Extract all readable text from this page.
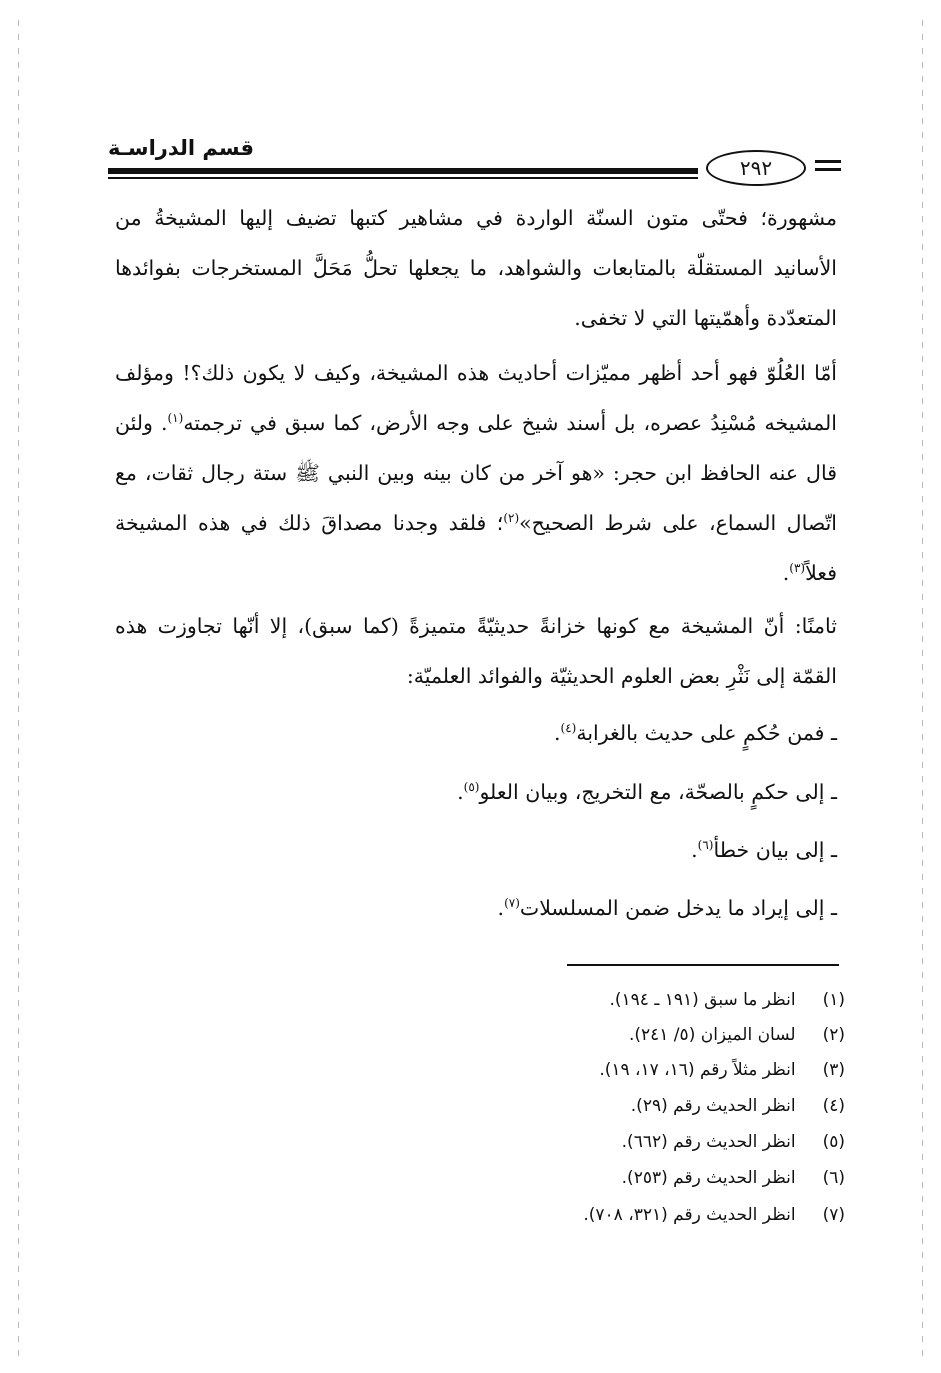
قسم الدراسـة
٢٩٢
مشهورة؛ فحتّى متون السنّة الواردة في مشاهير كتبها تضيف إليها المشيخةُ من الأسانيد المستقلّة بالمتابعات والشواهد، ما يجعلها تحلُّ مَحَلَّ المستخرجات بفوائدها المتعدّدة وأهمّيتها التي لا تخفى.
أمّا العُلُوّ فهو أحد أظهر مميّزات أحاديث هذه المشيخة، وكيف لا يكون ذلك؟! ومؤلف المشيخه مُسْنِدُ عصره، بل أسند شيخ على وجه الأرض، كما سبق في ترجمته$^{(١)}$. ولئن قال عنه الحافظ ابن حجر: «هو آخر من كان بينه وبين النبي ﷺ ستة رجال ثقات، مع اتّصال السماع، على شرط الصحيح»$^{(٢)}$؛ فلقد وجدنا مصداقَ ذلك في هذه المشيخة فعلاً$^{(٣)}$.
ثامنًا: أنّ المشيخة مع كونها خزانةً حديثيّةً متميزةً (كما سبق)، إلا أنّها تجاوزت هذه القمّة إلى نَثْرِ بعض العلوم الحديثيّة والفوائد العلميّة:
ـ فمن حُكمٍ على حديث بالغرابة$^{(٤)}$.
ـ إلى حكمٍ بالصحّة، مع التخريج، وبيان العلو$^{(٥)}$.
ـ إلى بيان خطأ$^{(٦)}$.
ـ إلى إيراد ما يدخل ضمن المسلسلات$^{(٧)}$.
(١) انظر ما سبق (١٩١ ـ ١٩٤).
(٢) لسان الميزان (٥/ ٢٤١).
(٣) انظر مثلاً رقم (١٦، ١٧، ١٩).
(٤) انظر الحديث رقم (٢٩).
(٥) انظر الحديث رقم (٦٦٢).
(٦) انظر الحديث رقم (٢٥٣).
(٧) انظر الحديث رقم (٣٢١، ٧٠٨).
